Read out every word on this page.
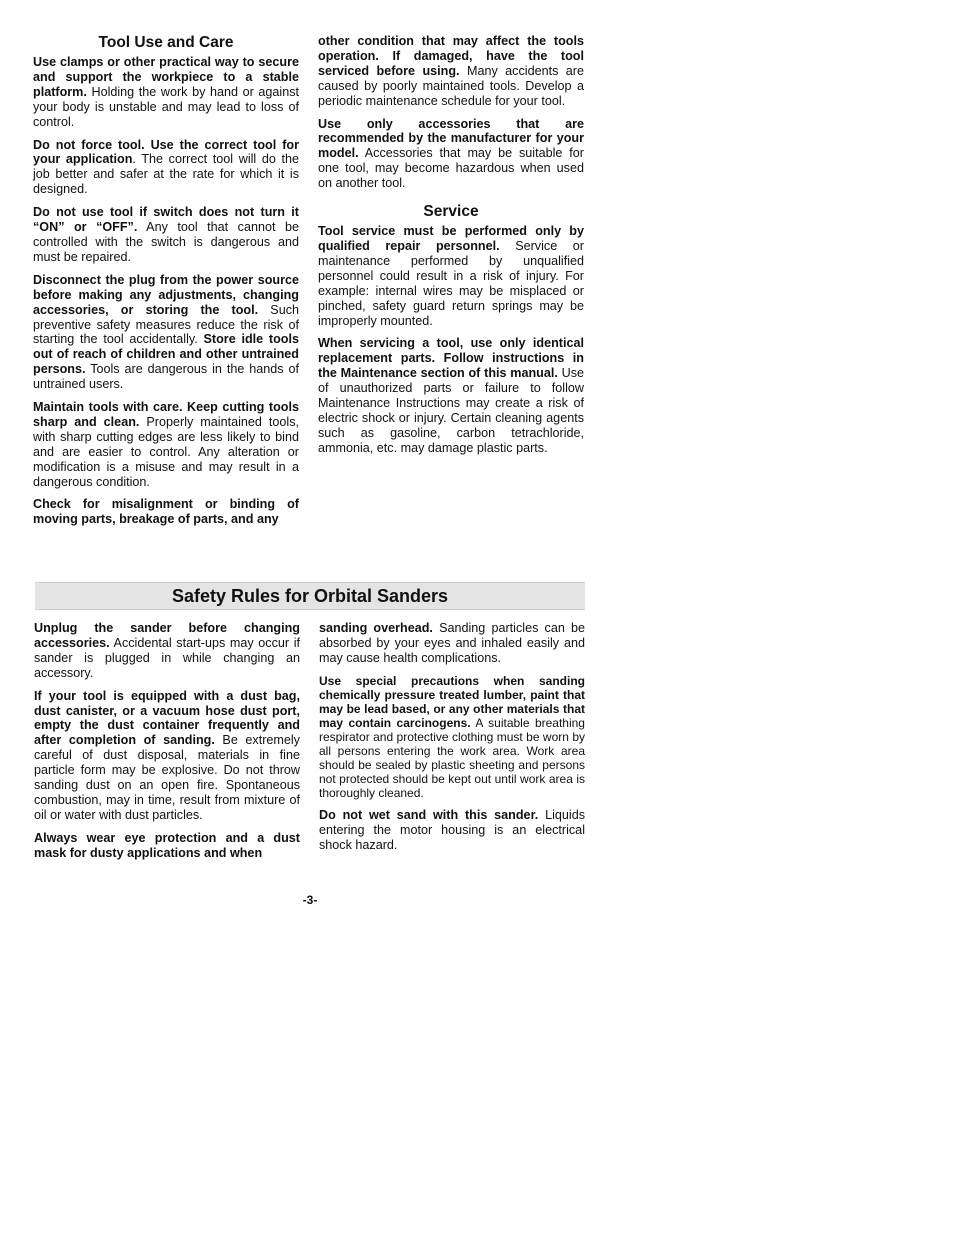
Tool Use and Care

Use clamps or other practical way to secure and support the workpiece to a stable platform. Holding the work by hand or against your body is unstable and may lead to loss of control.

Do not force tool. Use the correct tool for your application. The correct tool will do the job better and safer at the rate for which it is designed.

Do not use tool if switch does not turn it “ON” or “OFF”. Any tool that cannot be controlled with the switch is dangerous and must be repaired.

Disconnect the plug from the power source before making any adjustments, changing accessories, or storing the tool. Such preventive safety measures reduce the risk of starting the tool accidentally. Store idle tools out of reach of children and other untrained persons. Tools are dangerous in the hands of untrained users.

Maintain tools with care. Keep cutting tools sharp and clean. Properly maintained tools, with sharp cutting edges are less likely to bind and are easier to control. Any alteration or modification is a misuse and may result in a dangerous condition.

Check for misalignment or binding of moving parts, breakage of parts, and any

other condition that may affect the tools operation. If damaged, have the tool serviced before using. Many accidents are caused by poorly maintained tools. Develop a periodic maintenance schedule for your tool.

Use only accessories that are recommended by the manufacturer for your model. Accessories that may be suitable for one tool, may become hazardous when used on another tool.

Service

Tool service must be performed only by qualified repair personnel. Service or maintenance performed by unqualified personnel could result in a risk of injury. For example: internal wires may be misplaced or pinched, safety guard return springs may be improperly mounted.

When servicing a tool, use only identical replacement parts. Follow instructions in the Maintenance section of this manual. Use of unauthorized parts or failure to follow Maintenance Instructions may create a risk of electric shock or injury. Certain cleaning agents such as gasoline, carbon tetrachloride, ammonia, etc. may damage plastic parts.

Safety Rules for Orbital Sanders

Unplug the sander before changing accessories. Accidental start-ups may occur if sander is plugged in while changing an accessory.

If your tool is equipped with a dust bag, dust canister, or a vacuum hose dust port, empty the dust container frequently and after completion of sanding. Be extremely careful of dust disposal, materials in fine particle form may be explosive. Do not throw sanding dust on an open fire. Spontaneous combustion, may in time, result from mixture of oil or water with dust particles.

Always wear eye protection and a dust mask for dusty applications and when

sanding overhead. Sanding particles can be absorbed by your eyes and inhaled easily and may cause health complications.

Use special precautions when sanding chemically pressure treated lumber, paint that may be lead based, or any other materials that may contain carcinogens. A suitable breathing respirator and protective clothing must be worn by all persons entering the work area. Work area should be sealed by plastic sheeting and persons not protected should be kept out until work area is thoroughly cleaned.

Do not wet sand with this sander. Liquids entering the motor housing is an electrical shock hazard.

-3-
